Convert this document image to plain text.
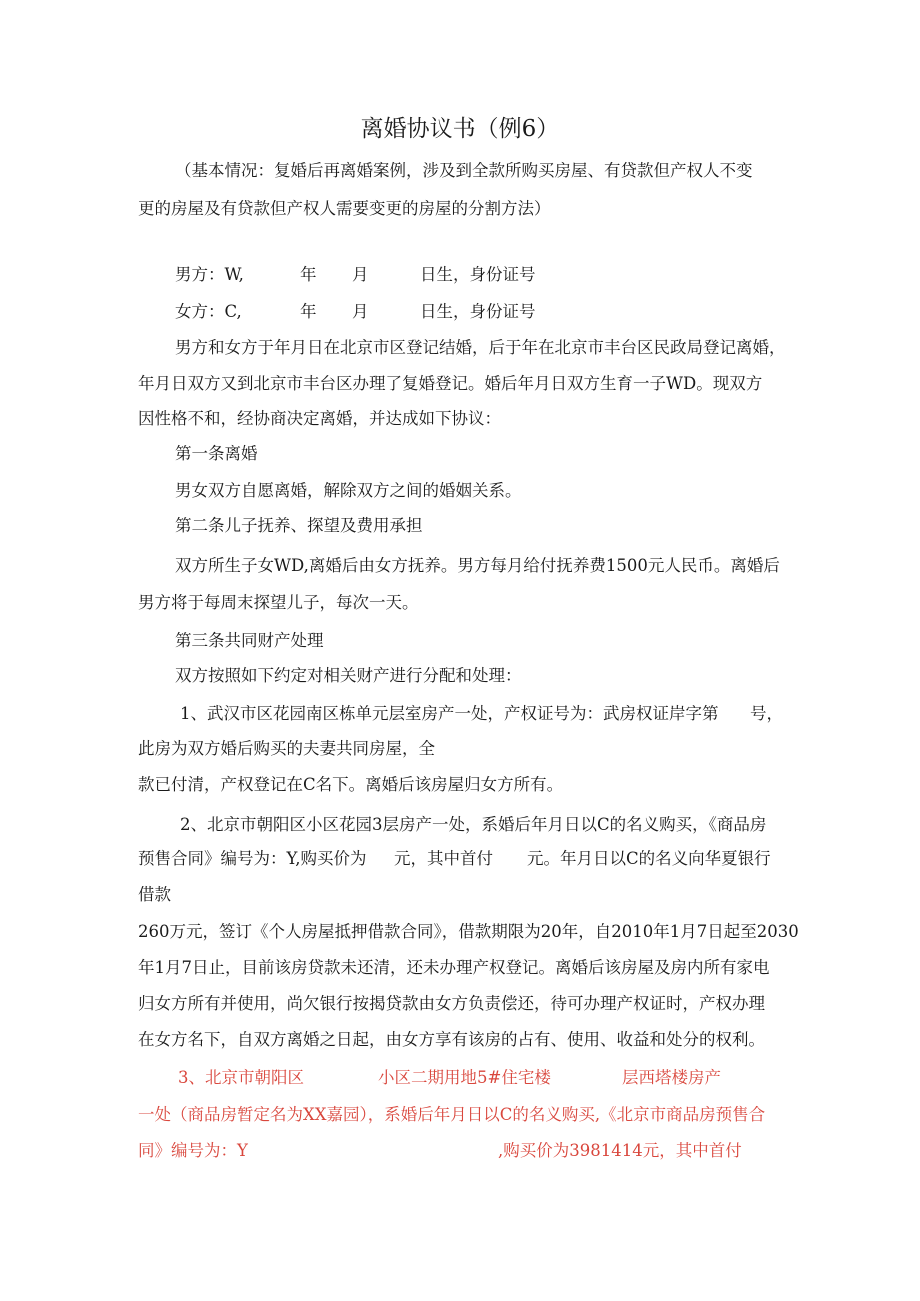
离婚协议书（例6）

（基本情况：复婚后再离婚案例，涉及到全款所购买房屋、有贷款但产权人不变

更的房屋及有贷款但产权人需要变更的房屋的分割方法）

男方：W,	年 月	日生，身份证号

女方：C,	年 月	日生，身份证号

男方和女方于年月日在北京市区登记结婚，后于年在北京市丰台区民政局登记离婚，

年月日双方又到北京市丰台区办理了复婚登记。婚后年月日双方生育一子WD。现双方

因性格不和，经协商决定离婚，并达成如下协议：

第一条离婚

男女双方自愿离婚，解除双方之间的婚姻关系。

第二条儿子抚养、探望及费用承担

双方所生子女WD,离婚后由女方抚养。男方每月给付抚养费1500元人民币。离婚后

男方将于每周末探望儿子，每次一天。

第三条共同财产处理

双方按照如下约定对相关财产进行分配和处理：

1、武汉市区花园南区栋单元层室房产一处，产权证号为：武房权证岸字第 号，

此房为双方婚后购买的夫妻共同房屋，全

款已付清，产权登记在C名下。离婚后该房屋归女方所有。

2、北京市朝阳区小区花园3层房产一处，系婚后年月日以C的名义购买，《商品房

预售合同》编号为：Y,购买价为 元，其中首付 元。年月日以C的名义向华夏银行

借款

260万元，签订《个人房屋抵押借款合同》，借款期限为20年，自2010年1月7日起至2030

年1月7日止，目前该房贷款未还清，还未办理产权登记。离婚后该房屋及房内所有家电

归女方所有并使用，尚欠银行按揭贷款由女方负责偿还，待可办理产权证时，产权办理

在女方名下，自双方离婚之日起，由女方享有该房的占有、使用、收益和处分的权利。

3、北京市朝阳区	小区二期用地5#住宅楼	层西塔楼房产

一处（商品房暂定名为XX嘉园），系婚后年月日以C的名义购买,《北京市商品房预售合

同》编号为：Y	,购买价为3981414元，其中首付
